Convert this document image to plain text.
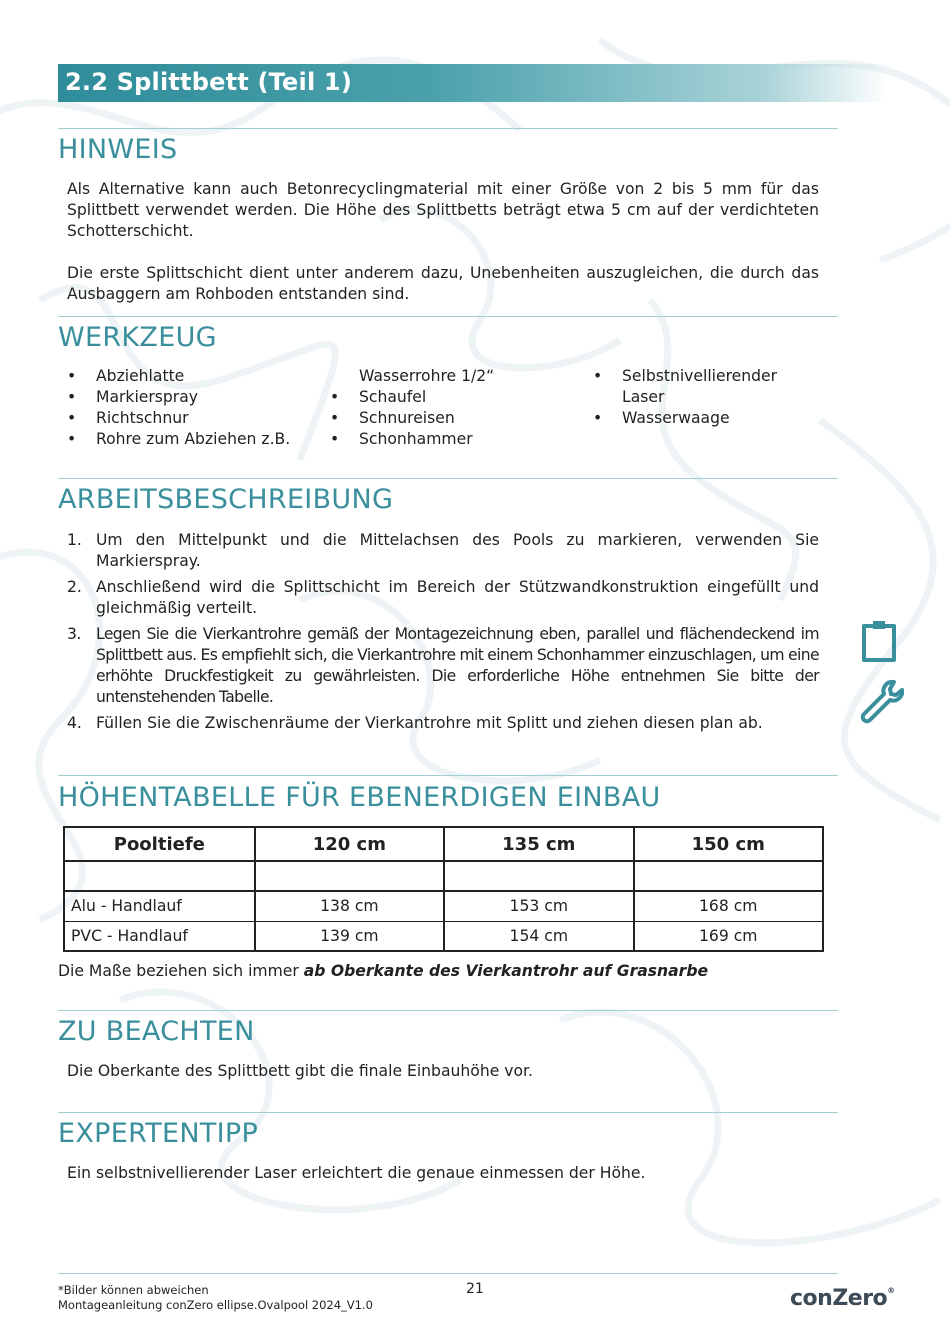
2.2 Splittbett (Teil 1)
HINWEIS
Als Alternative kann auch Betonrecyclingmaterial mit einer Größe von 2 bis 5 mm für das Splittbett verwendet werden. Die Höhe des Splittbetts beträgt etwa 5 cm auf der verdichteten Schotterschicht.
Die erste Splittschicht dient unter anderem dazu, Unebenheiten auszugleichen, die durch das Ausbaggern am Rohboden entstanden sind.
WERKZEUG
• Abziehlatte
• Markierspray
• Richtschnur
• Rohre zum Abziehen z.B.
Wasserrohre 1/2“
• Schaufel
• Schnureisen
• Schonhammer
• Selbstnivellierender Laser
• Wasserwaage
ARBEITSBESCHREIBUNG
1. Um den Mittelpunkt und die Mittelachsen des Pools zu markieren, verwenden Sie Markierspray.
2. Anschließend wird die Splittschicht im Bereich der Stützwandkonstruktion eingefüllt und gleichmäßig verteilt.
3. Legen Sie die Vierkantrohre gemäß der Montagezeichnung eben, parallel und flächendeckend im Splittbett aus. Es empfiehlt sich, die Vierkantrohre mit einem Schonhammer einzuschlagen, um eine erhöhte Druckfestigkeit zu gewährleisten. Die erforderliche Höhe entnehmen Sie bitte der untenstehenden Tabelle.
4. Füllen Sie die Zwischenräume der Vierkantrohre mit Splitt und ziehen diesen plan ab.
HÖHENTABELLE FÜR EBENERDIGEN EINBAU
Pooltiefe	120 cm	135 cm	150 cm

Alu - Handlauf	138 cm	153 cm	168 cm
PVC - Handlauf	139 cm	154 cm	169 cm
Die Maße beziehen sich immer ab Oberkante des Vierkantrohr auf Grasnarbe
ZU BEACHTEN
Die Oberkante des Splittbett gibt die finale Einbauhöhe vor.
EXPERTENTIPP
Ein selbstnivellierender Laser erleichtert die genaue einmessen der Höhe.
*Bilder können abweichen
Montageanleitung conZero ellipse.Ovalpool 2024_V1.0
21	conZero®
